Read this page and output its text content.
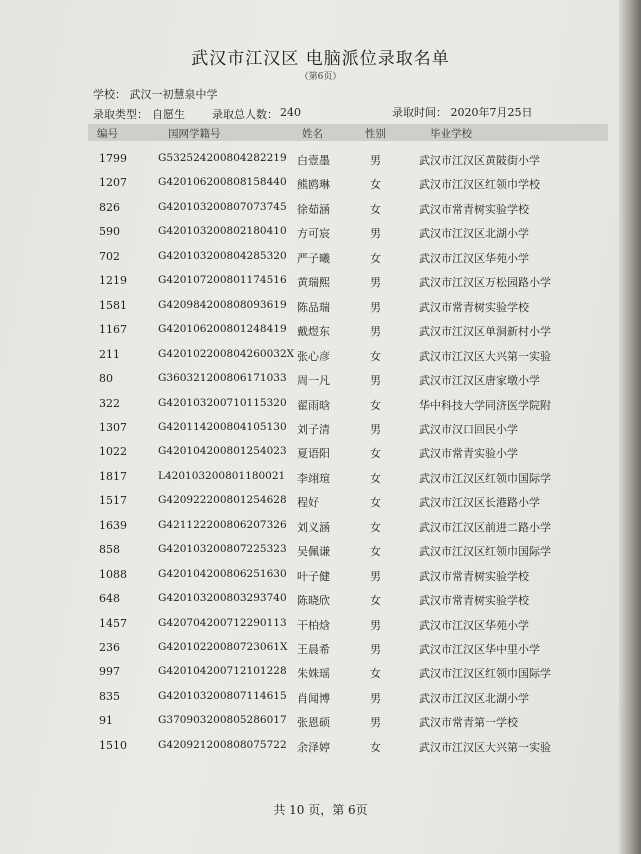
武汉市江汉区 电脑派位录取名单
（第6页）
学校： 武汉一初慧泉中学
录取类型： 自愿生 录取总人数： 240	录取时间： 2020年7月25日
编号	国网学籍号	姓名	性别	毕业学校
1799	G532524200804282219 白壹墨	男	武汉市江汉区黄陂街小学
1207	G420106200808158440 熊鸥琳	女	武汉市江汉区红领巾学校
826	G420103200807073745 徐茹涵	女	武汉市常青树实验学校
590	G420103200802180410 方可宸	男	武汉市江汉区北湖小学
702	G420103200804285320 严子曦	女	武汉市江汉区华苑小学
1219	G420107200801174516 黄瑞熙	男	武汉市江汉区万松园路小学
1581	G420984200808093619 陈品瑞	男	武汉市常青树实验学校
1167	G420106200801248419 戴煜东	男	武汉市江汉区单洞新村小学
211	G420102200804260032X 张心彦	女	武汉市江汉区大兴第一实验
80	G360321200806171033 周一凡	男	武汉市江汉区唐家墩小学
322	G420103200710115320 翟雨晗	女	华中科技大学同济医学院附
1307	G420114200804105130 刘子清	男	武汉市汉口回民小学
1022	G420104200801254023 夏语阳	女	武汉市常青实验小学
1817	L420103200801180021 李翊瑄	女	武汉市江汉区红领巾国际学
1517	G420922200801254628 程好	女	武汉市江汉区长港路小学
1639	G421122200806207326 刘义涵	女	武汉市江汉区前进二路小学
858	G420103200807225323 吴佩谦	女	武汉市江汉区红领巾国际学
1088	G420104200806251630 叶子健	男	武汉市常青树实验学校
648	G420103200803293740 陈晓欣	女	武汉市常青树实验学校
1457	G420704200712290113 干柏焓	男	武汉市江汉区华苑小学
236	G420102200807230​61X 王晨希	男	武汉市江汉区华中里小学
997	G420104200712101228 朱姝瑶	女	武汉市江汉区红领巾国际学
835	G420103200807114615 肖闻博	男	武汉市江汉区北湖小学
91	G370903200805286017 张恩硕	男	武汉市常青第一学校
1510	G420921200808075722 余泽婷	女	武汉市江汉区大兴第一实验
共 10 页，第 6页
